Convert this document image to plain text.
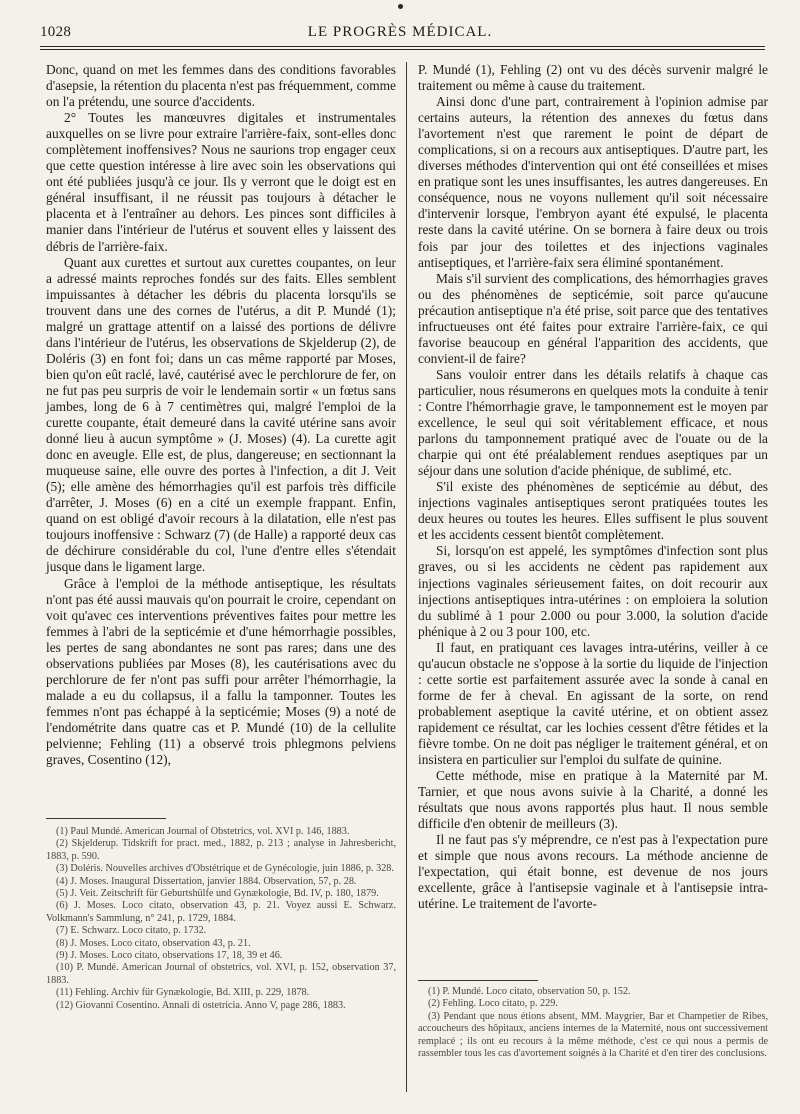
1028	LE PROGRÈS MÉDICAL.

Donc, quand on met les femmes dans des conditions favorables d'asepsie, la rétention du placenta n'est pas fréquemment, comme on l'a prétendu, une source d'accidents.

2° Toutes les manœuvres digitales et instrumentales auxquelles on se livre pour extraire l'arrière-faix, sont-elles donc complètement inoffensives? Nous ne saurions trop engager ceux que cette question intéresse à lire avec soin les observations qui ont été publiées jusqu'à ce jour. Ils y verront que le doigt est en général insuffisant, il ne réussit pas toujours à détacher le placenta et à l'entraîner au dehors. Les pinces sont difficiles à manier dans l'intérieur de l'utérus et souvent elles y laissent des débris de l'arrière-faix.

Quant aux curettes et surtout aux curettes coupantes, on leur a adressé maints reproches fondés sur des faits. Elles semblent impuissantes à détacher les débris du placenta lorsqu'ils se trouvent dans une des cornes de l'utérus, a dit P. Mundé (1); malgré un grattage attentif on a laissé des portions de délivre dans l'intérieur de l'utérus, les observations de Skjelderup (2), de Doléris (3) en font foi; dans un cas même rapporté par Moses, bien qu'on eût raclé, lavé, cautérisé avec le perchlorure de fer, on ne fut pas peu surpris de voir le lendemain sortir « un fœtus sans jambes, long de 6 à 7 centimètres qui, malgré l'emploi de la curette coupante, était demeuré dans la cavité utérine sans avoir donné lieu à aucun symptôme » (J. Moses) (4). La curette agit donc en aveugle. Elle est, de plus, dangereuse; en sectionnant la muqueuse saine, elle ouvre des portes à l'infection, a dit J. Veit (5); elle amène des hémorrhagies qu'il est parfois très difficile d'arrêter, J. Moses (6) en a cité un exemple frappant. Enfin, quand on est obligé d'avoir recours à la dilatation, elle n'est pas toujours inoffensive : Schwarz (7) (de Halle) a rapporté deux cas de déchirure considérable du col, l'une d'entre elles s'étendait jusque dans le ligament large.

Grâce à l'emploi de la méthode antiseptique, les résultats n'ont pas été aussi mauvais qu'on pourrait le croire, cependant on voit qu'avec ces interventions préventives faites pour mettre les femmes à l'abri de la septicémie et d'une hémorrhagie possibles, les pertes de sang abondantes ne sont pas rares; dans une des observations publiées par Moses (8), les cautérisations avec du perchlorure de fer n'ont pas suffi pour arrêter l'hémorrhagie, la malade a eu du collapsus, il a fallu la tamponner. Toutes les femmes n'ont pas échappé à la septicémie; Moses (9) a noté de l'endométrite dans quatre cas et P. Mundé (10) de la cellulite pelvienne; Fehling (11) a observé trois phlegmons pelviens graves, Cosentino (12),

P. Mundé (1), Fehling (2) ont vu des décès survenir malgré le traitement ou même à cause du traitement.

Ainsi donc d'une part, contrairement à l'opinion admise par certains auteurs, la rétention des annexes du fœtus dans l'avortement n'est que rarement le point de départ de complications, si on a recours aux antiseptiques. D'autre part, les diverses méthodes d'intervention qui ont été conseillées et mises en pratique sont les unes insuffisantes, les autres dangereuses. En conséquence, nous ne voyons nullement qu'il soit nécessaire d'intervenir lorsque, l'embryon ayant été expulsé, le placenta reste dans la cavité utérine. On se bornera à faire deux ou trois fois par jour des toilettes et des injections vaginales antiseptiques, et l'arrière-faix sera éliminé spontanément.

Mais s'il survient des complications, des hémorrhagies graves ou des phénomènes de septicémie, soit parce qu'aucune précaution antiseptique n'a été prise, soit parce que des tentatives infructueuses ont été faites pour extraire l'arrière-faix, ce qui favorise beaucoup en général l'apparition des accidents, que convient-il de faire?

Sans vouloir entrer dans les détails relatifs à chaque cas particulier, nous résumerons en quelques mots la conduite à tenir : Contre l'hémorrhagie grave, le tamponnement est le moyen par excellence, le seul qui soit véritablement efficace, et nous parlons du tamponnement pratiqué avec de l'ouate ou de la charpie qui ont été préalablement rendues aseptiques par un séjour dans une solution d'acide phénique, de sublimé, etc.

S'il existe des phénomènes de septicémie au début, des injections vaginales antiseptiques seront pratiquées toutes les deux heures ou toutes les heures. Elles suffisent le plus souvent et les accidents cessent bientôt complètement.

Si, lorsqu'on est appelé, les symptômes d'infection sont plus graves, ou si les accidents ne cèdent pas rapidement aux injections vaginales sérieusement faites, on doit recourir aux injections antiseptiques intra-utérines : on emploiera la solution du sublimé à 1 pour 2.000 ou pour 3.000, la solution d'acide phénique à 2 ou 3 pour 100, etc.

Il faut, en pratiquant ces lavages intra-utérins, veiller à ce qu'aucun obstacle ne s'oppose à la sortie du liquide de l'injection : cette sortie est parfaitement assurée avec la sonde à canal en forme de fer à cheval. En agissant de la sorte, on rend probablement aseptique la cavité utérine, et on obtient assez rapidement ce résultat, car les lochies cessent d'être fétides et la fièvre tombe. On ne doit pas négliger le traitement général, et on insistera en particulier sur l'emploi du sulfate de quinine.

Cette méthode, mise en pratique à la Maternité par M. Tarnier, et que nous avons suivie à la Charité, a donné les résultats que nous avons rapportés plus haut. Il nous semble difficile d'en obtenir de meilleurs (3).

Il ne faut pas s'y méprendre, ce n'est pas à l'expectation pure et simple que nous avons recours. La méthode ancienne de l'expectation, qui était bonne, est devenue de nos jours excellente, grâce à l'antisepsie vaginale et à l'antisepsie intra-utérine. Le traitement de l'avorte-

(1) Paul Mundé. American Journal of Obstetrics, vol. XVI p. 146, 1883.
(2) Skjelderup. Tidskrift for pract. med., 1882, p. 213 ; analyse in Jahresbericht, 1883, p. 590.
(3) Doléris. Nouvelles archives d'Obstétrique et de Gynécologie, juin 1886, p. 328.
(4) J. Moses. Inaugural Dissertation, janvier 1884. Observation, 57, p. 28.
(5) J. Veit. Zeitschrift für Geburtshülfe und Gynækologie, Bd. IV, p. 180, 1879.
(6) J. Moses. Loco citato, observation 43, p. 21. Voyez aussi E. Schwarz. Volkmann's Sammlung, n° 241, p. 1729, 1884.
(7) E. Schwarz. Loco citato, p. 1732.
(8) J. Moses. Loco citato, observation 43, p. 21.
(9) J. Moses. Loco citato, observations 17, 18, 39 et 46.
(10) P. Mundé. American Journal of obstetrics, vol. XVI, p. 152, observation 37, 1883.
(11) Fehling. Archiv für Gynækologie, Bd. XIII, p. 229, 1878.
(12) Giovanni Cosentino. Annali di ostetricia. Anno V, page 286, 1883.
(1) P. Mundé. Loco citato, observation 50, p. 152.
(2) Fehling. Loco citato, p. 229.
(3) Pendant que nous étions absent, MM. Maygrier, Bar et Champetier de Ribes, accoucheurs des hôpitaux, anciens internes de la Maternité, nous ont successivement remplacé ; ils ont eu recours à la même méthode, c'est ce qui nous a permis de rassembler tous les cas d'avortement soignés à la Charité et d'en tirer des conclusions.
